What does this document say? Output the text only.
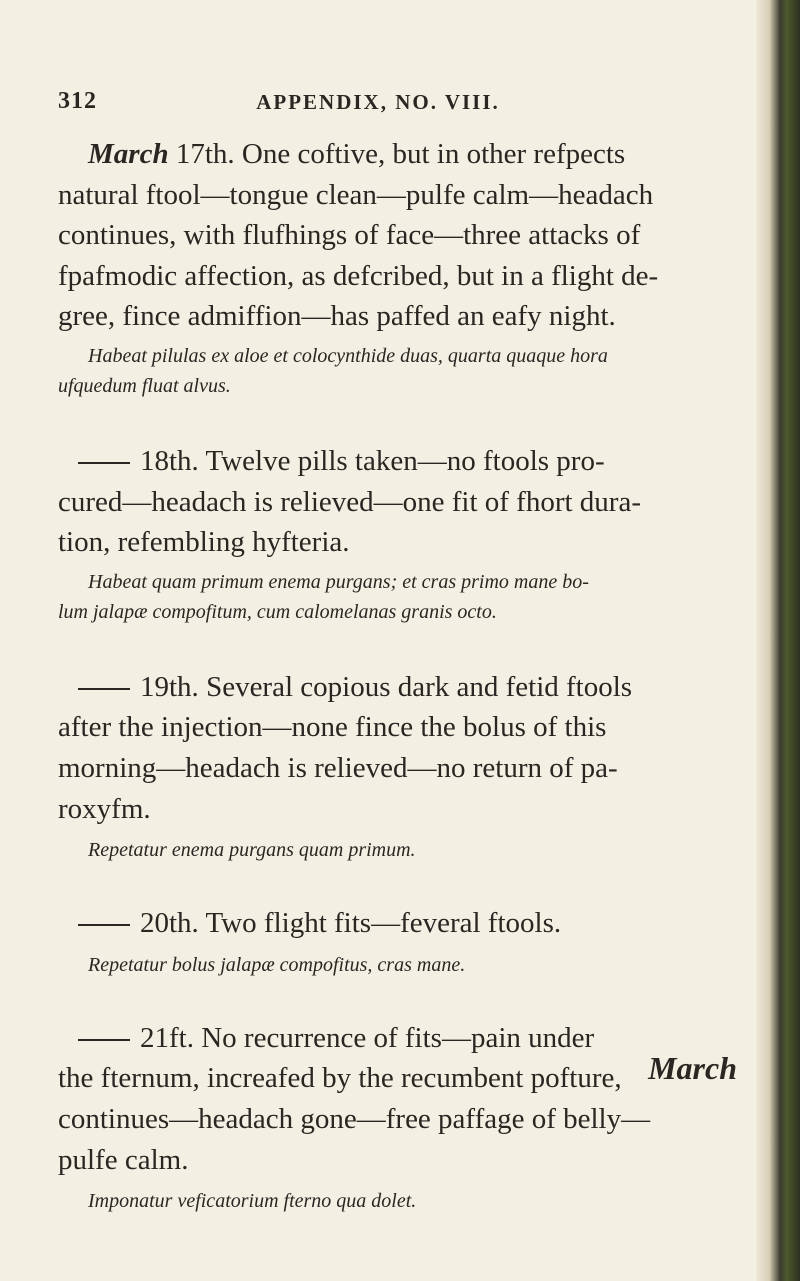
312	APPENDIX, NO. VIII.

March 17th. One coftive, but in other refpects

natural ftool—tongue clean—pulfe calm—headach

continues, with flufhings of face—three attacks of

fpafmodic affection, as defcribed, but in a flight de-

gree, fince admiffion—has paffed an eafy night.

Habeat pilulas ex aloe et colocynthide duas, quarta quaque hora

ufquedum fluat alvus.

18th. Twelve pills taken—no ftools pro-

cured—headach is relieved—one fit of fhort dura-

tion, refembling hyfteria.

Habeat quam primum enema purgans; et cras primo mane bo-

lum jalapæ compofitum, cum calomelanas granis octo.

19th. Several copious dark and fetid ftools

after the injection—none fince the bolus of this

morning—headach is relieved—no return of pa-

roxyfm.

Repetatur enema purgans quam primum.

20th. Two flight fits—feveral ftools.

Repetatur bolus jalapæ compofitus, cras mane.

21ft. No recurrence of fits—pain under

the fternum, increafed by the recumbent pofture,

continues—headach gone—free paffage of belly—

pulfe calm.

Imponatur veficatorium fterno qua dolet.

March
